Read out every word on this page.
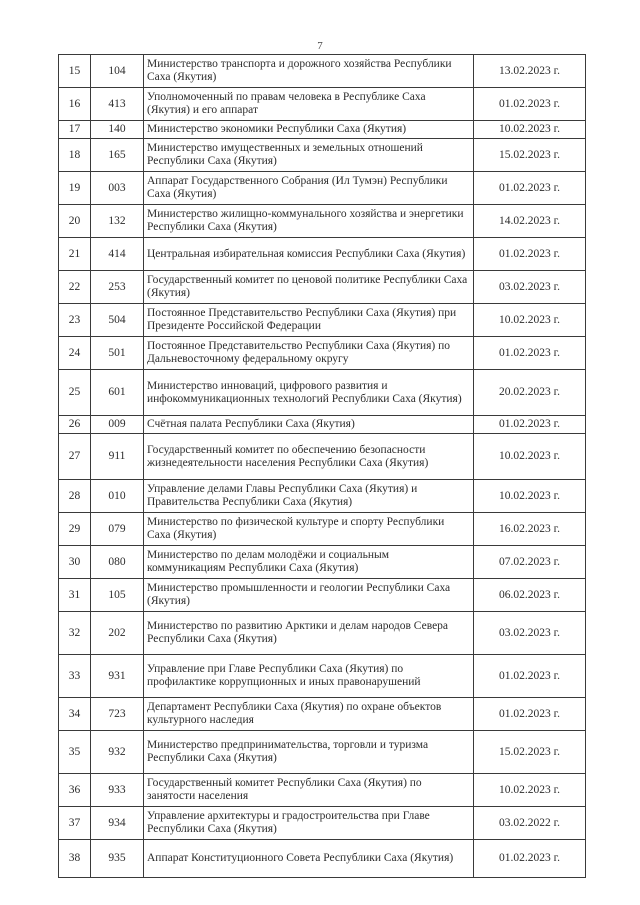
7
15	104	Министерство транспорта и дорожного хозяйства Республики Саха (Якутия)	13.02.2023 г.
16	413	Уполномоченный по правам человека в Республике Саха (Якутия) и его аппарат	01.02.2023 г.
17	140	Министерство экономики Республики Саха (Якутия)	10.02.2023 г.
18	165	Министерство имущественных и земельных отношений Республики Саха (Якутия)	15.02.2023 г.
19	003	Аппарат Государственного Собрания (Ил Тумэн) Республики Саха (Якутия)	01.02.2023 г.
20	132	Министерство жилищно-коммунального хозяйства и энергетики Республики Саха (Якутия)	14.02.2023 г.
21	414	Центральная избирательная комиссия Республики Саха (Якутия)	01.02.2023 г.
22	253	Государственный комитет по ценовой политике Республики Саха (Якутия)	03.02.2023 г.
23	504	Постоянное Представительство Республики Саха (Якутия) при Президенте Российской Федерации	10.02.2023 г.
24	501	Постоянное Представительство Республики Саха (Якутия) по Дальневосточному федеральному округу	01.02.2023 г.
25	601	Министерство инноваций, цифрового развития и инфокоммуникационных технологий Республики Саха (Якутия)	20.02.2023 г.
26	009	Счётная палата Республики Саха (Якутия)	01.02.2023 г.
27	911	Государственный комитет по обеспечению безопасности жизнедеятельности населения Республики Саха (Якутия)	10.02.2023 г.
28	010	Управление делами Главы Республики Саха (Якутия) и Правительства Республики Саха (Якутия)	10.02.2023 г.
29	079	Министерство по физической культуре и спорту Республики Саха (Якутия)	16.02.2023 г.
30	080	Министерство по делам молодёжи и социальным коммуникациям Республики Саха (Якутия)	07.02.2023 г.
31	105	Министерство промышленности и геологии Республики Саха (Якутия)	06.02.2023 г.
32	202	Министерство по развитию Арктики и делам народов Севера Республики Саха (Якутия)	03.02.2023 г.
33	931	Управление при Главе Республики Саха (Якутия) по профилактике коррупционных и иных правонарушений	01.02.2023 г.
34	723	Департамент Республики Саха (Якутия) по охране объектов культурного наследия	01.02.2023 г.
35	932	Министерство предпринимательства, торговли и туризма Республики Саха (Якутия)	15.02.2023 г.
36	933	Государственный комитет Республики Саха (Якутия) по занятости населения	10.02.2023 г.
37	934	Управление архитектуры и градостроительства при Главе Республики Саха (Якутия)	03.02.2022 г.
38	935	Аппарат Конституционного Совета Республики Саха (Якутия)	01.02.2023 г.
